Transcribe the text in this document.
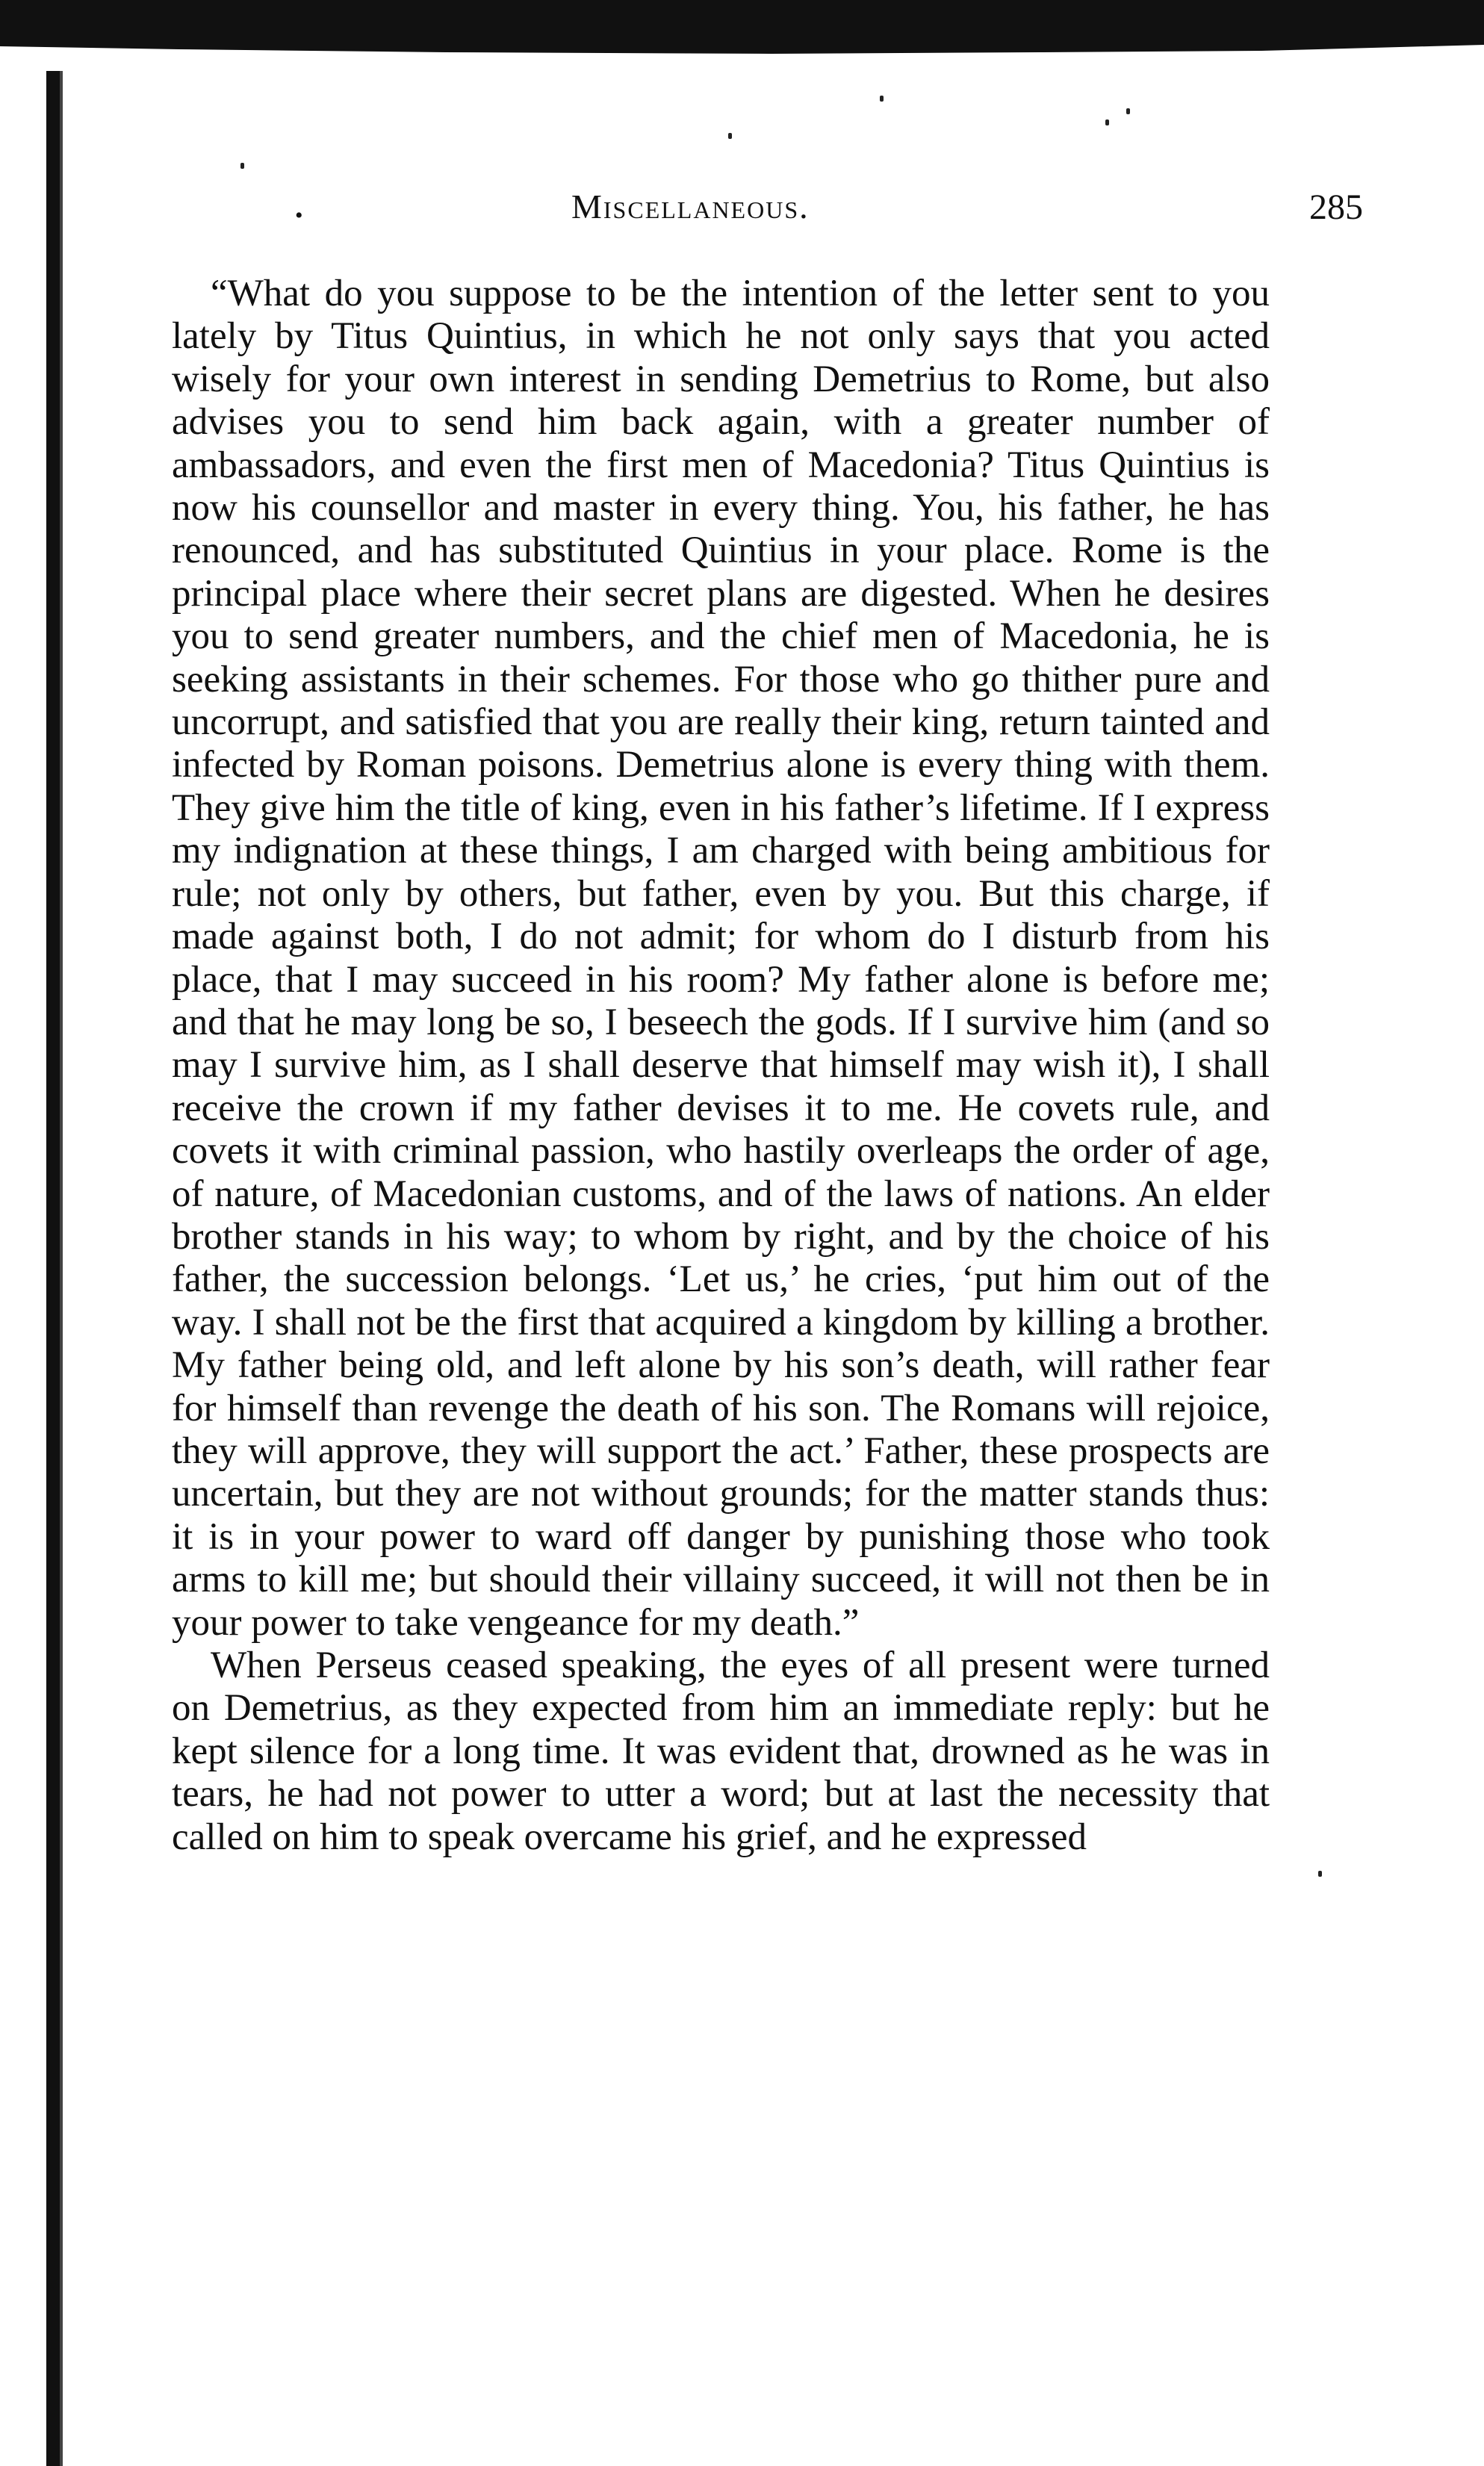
•	Miscellaneous.	285

“What do you suppose to be the intention of the letter sent to you lately by Titus Quintius, in which he not only says that you acted wisely for your own interest in sending Demetrius to Rome, but also advises you to send him back again, with a greater number of ambassadors, and even the first men of Macedonia? Titus Quintius is now his counsellor and master in every thing. You, his father, he has renounced, and has substituted Quintius in your place. Rome is the principal place where their secret plans are digested. When he desires you to send greater numbers, and the chief men of Macedonia, he is seeking assistants in their schemes. For those who go thither pure and uncorrupt, and satisfied that you are really their king, return tainted and infected by Roman poisons. Demetrius alone is every thing with them. They give him the title of king, even in his father’s lifetime. If I express my indignation at these things, I am charged with being ambitious for rule; not only by others, but father, even by you. But this charge, if made against both, I do not admit; for whom do I disturb from his place, that I may succeed in his room? My father alone is before me; and that he may long be so, I beseech the gods. If I survive him (and so may I survive him, as I shall deserve that himself may wish it), I shall receive the crown if my father devises it to me. He covets rule, and covets it with criminal passion, who hastily overleaps the order of age, of nature, of Macedonian customs, and of the laws of nations. An elder brother stands in his way; to whom by right, and by the choice of his father, the succession belongs. ‘Let us,’ he cries, ‘put him out of the way. I shall not be the first that acquired a kingdom by killing a brother. My father being old, and left alone by his son’s death, will rather fear for himself than revenge the death of his son. The Romans will rejoice, they will approve, they will support the act.’ Father, these prospects are uncertain, but they are not without grounds; for the matter stands thus: it is in your power to ward off danger by punishing those who took arms to kill me; but should their villainy succeed, it will not then be in your power to take vengeance for my death.”

When Perseus ceased speaking, the eyes of all present were turned on Demetrius, as they expected from him an immediate reply: but he kept silence for a long time. It was evident that, drowned as he was in tears, he had not power to utter a word; but at last the necessity that called on him to speak overcame his grief, and he expressed
